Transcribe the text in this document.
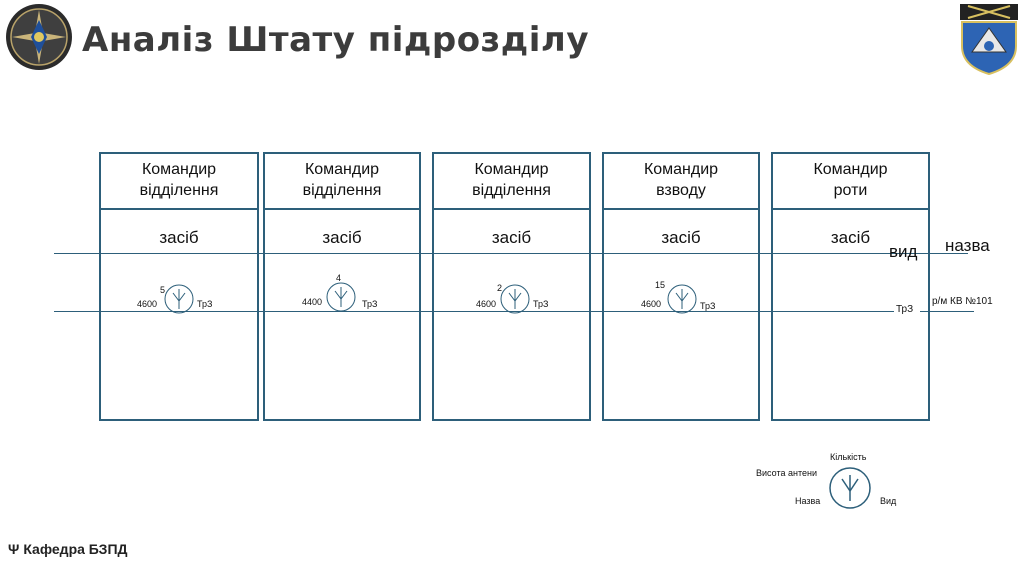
Аналіз Штату підрозділу
Командир
відділення
засіб
Командир
відділення
засіб
Командир
відділення
засіб
Командир
взводу
засіб
Командир
роти
засіб
вид назва
ТрЗ
р/м КВ №101
5
4600	ТрЗ
4
4400	ТрЗ
2
4600	ТрЗ
15
4600	ТрЗ
Кількість
Висота антени
Назва	Вид
Ψ Кафедра БЗПД
